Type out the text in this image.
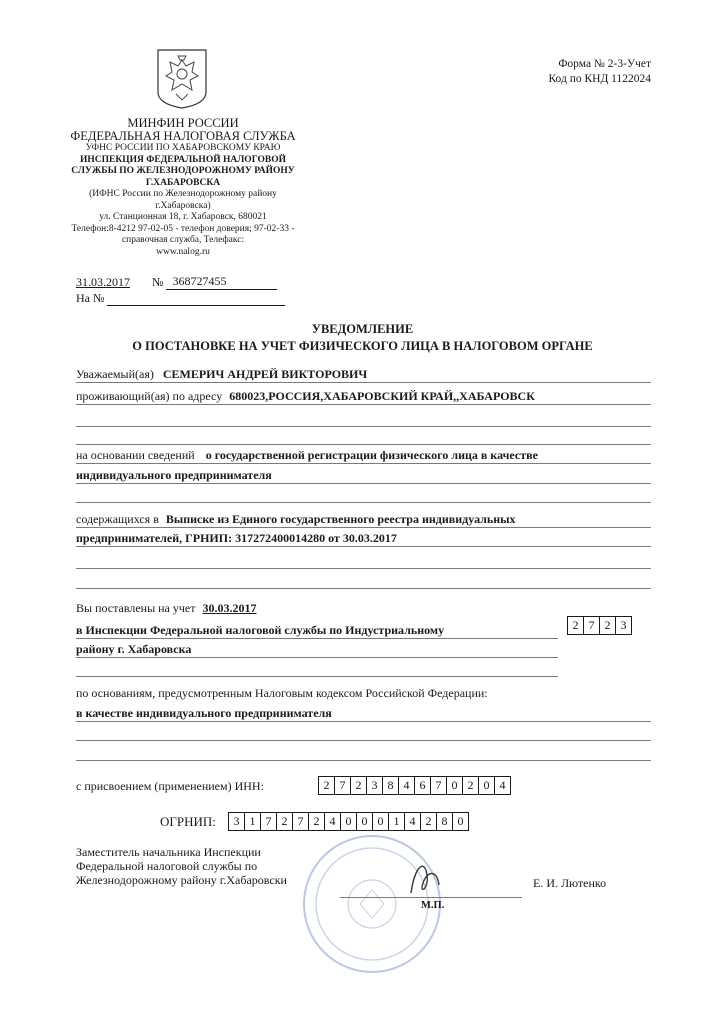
Форма № 2-3-Учет
Код по КНД 1122024
МИНФИН РОССИИ
ФЕДЕРАЛЬНАЯ НАЛОГОВАЯ СЛУЖБА
УФНС РОССИИ ПО ХАБАРОВСКОМУ КРАЮ
ИНСПЕКЦИЯ ФЕДЕРАЛЬНОЙ НАЛОГОВОЙ
СЛУЖБЫ ПО ЖЕЛЕЗНОДОРОЖНОМУ РАЙОНУ
Г.ХАБАРОВСКА
(ИФНС России по Железнодорожному району
г.Хабаровска)
ул. Станционная 18, г. Хабаровск, 680021
Телефон:8-4212 97-02-05 - телефон доверия; 97-02-33 -
справочная служба, Телефакс:
www.nalog.ru
31.03.2017 № 368727455
На №
УВЕДОМЛЕНИЕ
О ПОСТАНОВКЕ НА УЧЕТ ФИЗИЧЕСКОГО ЛИЦА В НАЛОГОВОМ ОРГАНЕ
Уважаемый(ая) СЕМЕРИЧ АНДРЕЙ ВИКТОРОВИЧ
проживающий(ая) по адресу 680023,РОССИЯ,ХАБАРОВСКИЙ КРАЙ,,ХАБАРОВСК
на основании сведений о государственной регистрации физического лица в качестве
индивидуального предпринимателя
содержащихся в Выписке из Единого государственного реестра индивидуальных
предпринимателей, ГРНИП: 317272400014280 от 30.03.2017
Вы поставлены на учет 30.03.2017
в Инспекции Федеральной налоговой службы по Индустриальному
району г. Хабаровска
2 7 2 3
по основаниям, предусмотренным Налоговым кодексом Российской Федерации:
в качестве индивидуального предпринимателя
с присвоением (применением) ИНН:	2 7 2 3 8 4 6 7 0 2 0 4
ОГРНИП:	3 1 7 2 7 2 4 0 0 0 1 4 2 8 0
Заместитель начальника Инспекции
Федеральной налоговой службы по
Железнодорожному району г.Хабаровски	Е. И. Лютенко
М.П.
